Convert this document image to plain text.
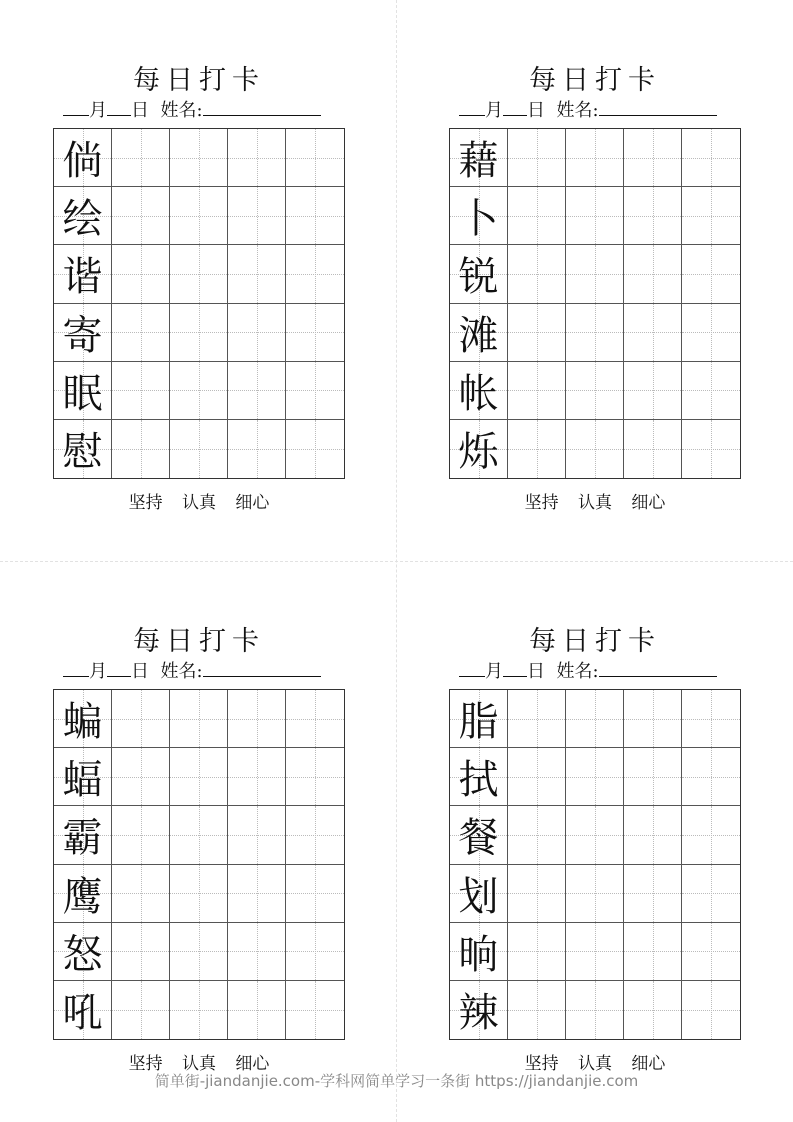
每日打卡
月 日 姓名:
倘
绘
谐
寄
眠
慰
坚持 认真 细心
每日打卡
月 日 姓名:
藉
卜
锐
滩
帐
烁
坚持 认真 细心
每日打卡
月 日 姓名:
蝙
蝠
霸
鹰
怒
吼
坚持 认真 细心
每日打卡
月 日 姓名:
脂
拭
餐
划
晌
辣
坚持 认真 细心
简单街-jiandanjie.com-学科网简单学习一条街 https://jiandanjie.com
